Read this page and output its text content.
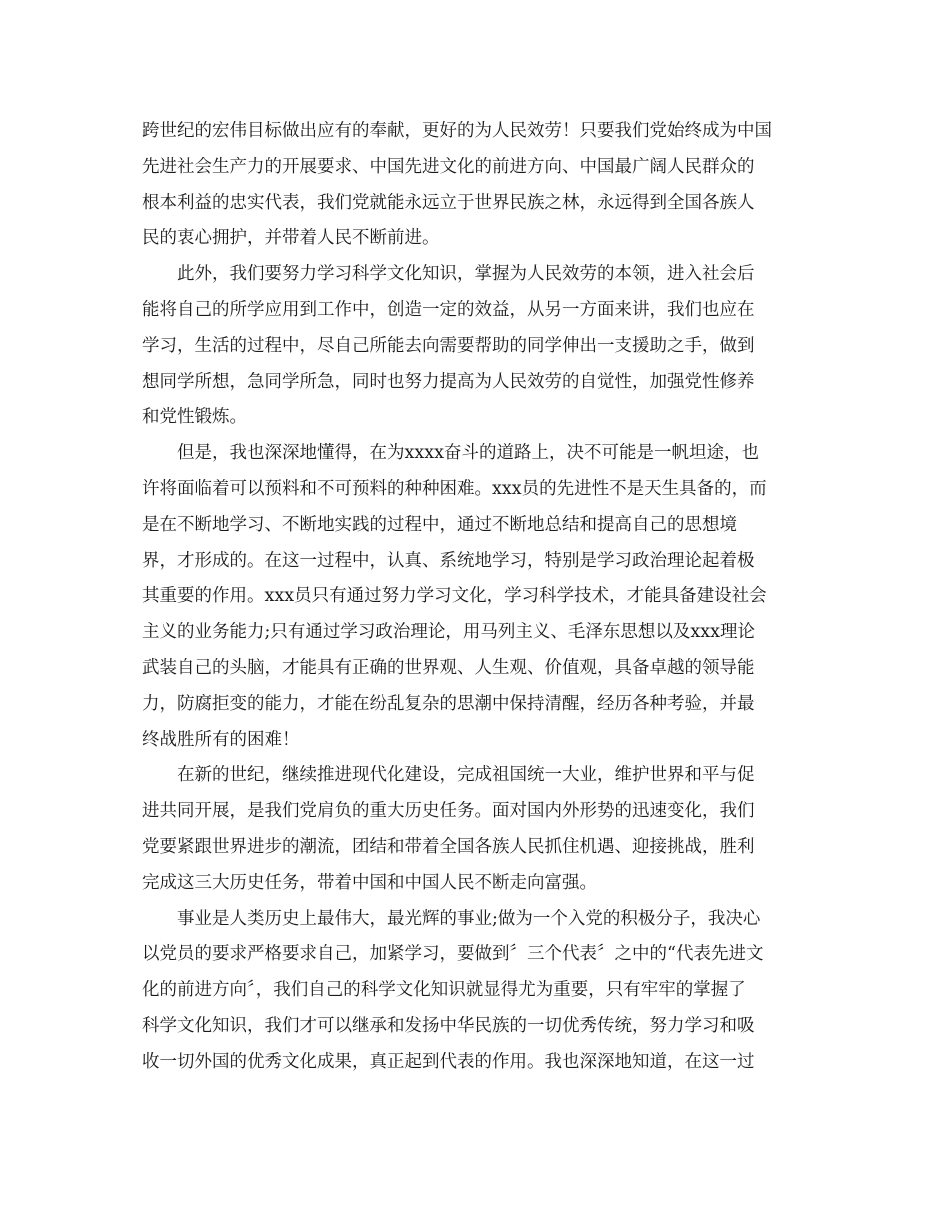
跨世纪的宏伟目标做出应有的奉献，更好的为人民效劳！只要我们党始终成为中国
先进社会生产力的开展要求、中国先进文化的前进方向、中国最广阔人民群众的
根本利益的忠实代表，我们党就能永远立于世界民族之林，永远得到全国各族人
民的衷心拥护，并带着人民不断前进。

此外，我们要努力学习科学文化知识，掌握为人民效劳的本领，进入社会后
能将自己的所学应用到工作中，创造一定的效益，从另一方面来讲，我们也应在
学习，生活的过程中，尽自己所能去向需要帮助的同学伸出一支援助之手，做到
想同学所想，急同学所急，同时也努力提高为人民效劳的自觉性，加强党性修养
和党性锻炼。

但是，我也深深地懂得，在为xxxx奋斗的道路上，决不可能是一帆坦途，也
许将面临着可以预料和不可预料的种种困难。xxx员的先进性不是天生具备的，而
是在不断地学习、不断地实践的过程中，通过不断地总结和提高自己的思想境
界，才形成的。在这一过程中，认真、系统地学习，特别是学习政治理论起着极
其重要的作用。xxx员只有通过努力学习文化，学习科学技术，才能具备建设社会
主义的业务能力;只有通过学习政治理论，用马列主义、毛泽东思想以及xxx理论
武装自己的头脑，才能具有正确的世界观、人生观、价值观，具备卓越的领导能
力，防腐拒变的能力，才能在纷乱复杂的思潮中保持清醒，经历各种考验，并最
终战胜所有的困难！

在新的世纪，继续推进现代化建设，完成祖国统一大业，维护世界和平与促
进共同开展，是我们党肩负的重大历史任务。面对国内外形势的迅速变化，我们
党要紧跟世界进步的潮流，团结和带着全国各族人民抓住机遇、迎接挑战，胜利
完成这三大历史任务，带着中国和中国人民不断走向富强。

事业是人类历史上最伟大，最光辉的事业;做为一个入党的积极分子，我决心
以党员的要求严格要求自己，加紧学习，要做到〞三个代表〞之中的“代表先进文
化的前进方向〞，我们自己的科学文化知识就显得尤为重要，只有牢牢的掌握了
科学文化知识，我们才可以继承和发扬中华民族的一切优秀传统，努力学习和吸
收一切外国的优秀文化成果，真正起到代表的作用。我也深深地知道，在这一过
